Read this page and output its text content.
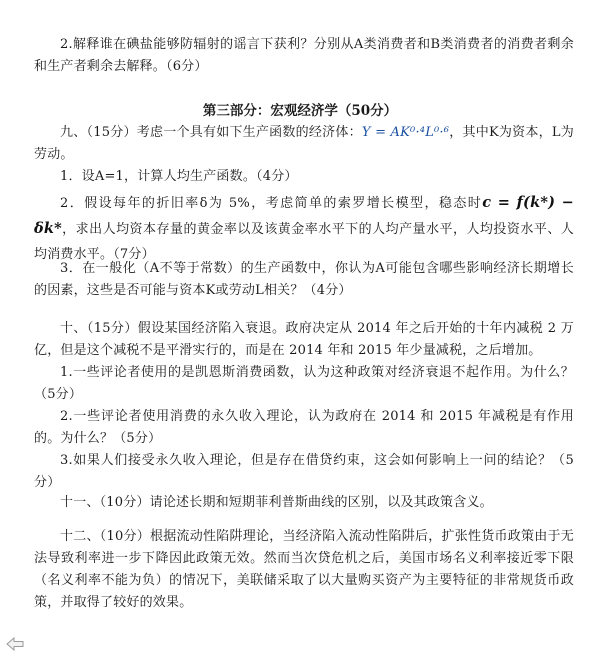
2.解释谁在碘盐能够防辐射的谣言下获利？分别从A类消费者和B类消费者的消费者剩余和生产者剩余去解释。（6分）

第三部分：宏观经济学（50分）

九、（15分）考虑一个具有如下生产函数的经济体：Y = AK⁰·⁴L⁰·⁶，其中K为资本，L为劳动。

1．设A=1，计算人均生产函数。（4分）

2．假设每年的折旧率δ为 5%，考虑简单的索罗增长模型，稳态时c = f(k*) − δk*，求出人均资本存量的黄金率以及该黄金率水平下的人均产量水平，人均投资水平、人均消费水平。（7分）

3．在一般化（A不等于常数）的生产函数中，你认为A可能包含哪些影响经济长期增长的因素，这些是否可能与资本K或劳动L相关？（4分）

十、（15分）假设某国经济陷入衰退。政府决定从 2014 年之后开始的十年内减税 2 万亿，但是这个减税不是平滑实行的，而是在 2014 年和 2015 年少量减税，之后增加。

1.一些评论者使用的是凯恩斯消费函数，认为这种政策对经济衰退不起作用。为什么？（5分）

2.一些评论者使用消费的永久收入理论，认为政府在 2014 和 2015 年减税是有作用的。为什么？（5分）

3.如果人们接受永久收入理论，但是存在借贷约束，这会如何影响上一问的结论？（5分）

十一、（10分）请论述长期和短期菲利普斯曲线的区别，以及其政策含义。

十二、（10分）根据流动性陷阱理论，当经济陷入流动性陷阱后，扩张性货币政策由于无法导致利率进一步下降因此政策无效。然而当次贷危机之后，美国市场名义利率接近零下限（名义利率不能为负）的情况下，美联储采取了以大量购买资产为主要特征的非常规货币政策，并取得了较好的效果。
